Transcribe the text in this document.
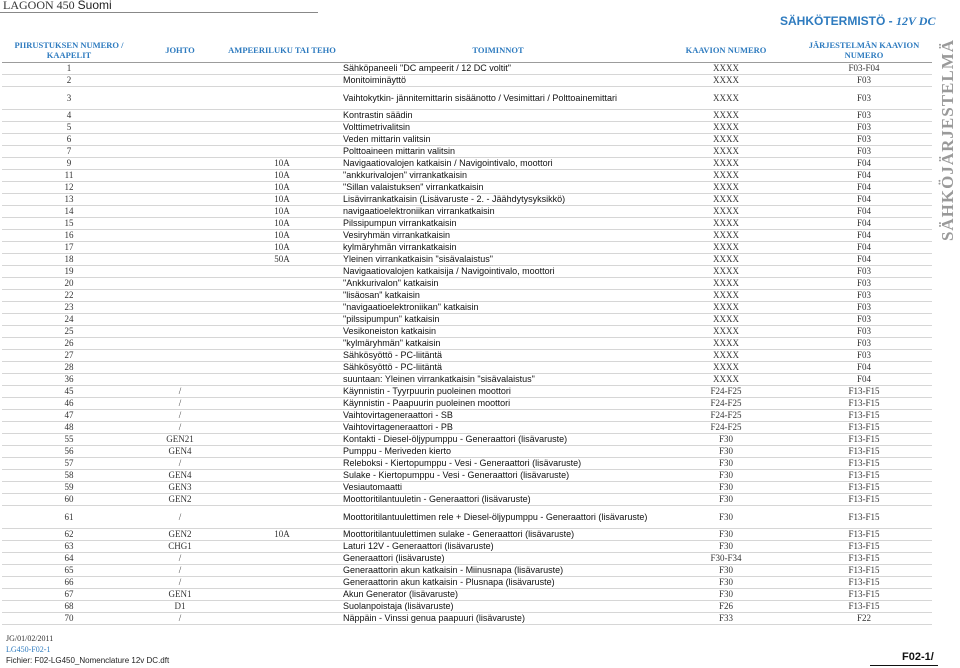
LAGOON 450 Suomi
SÄHKÖTERMISTÖ - 12V DC
SÄHKÖJÄRJESTELMÄ
PIIRUSTUKSEN NUMERO / KAAPELIT	JOHTO	AMPEERILUKU TAI TEHO	TOIMINNOT	KAAVION NUMERO	JÄRJESTELMÄN KAAVION NUMERO
1			Sähköpaneeli "DC ampeerit / 12 DC voltit"	XXXX	F03-F04
2			Monitoiminäyttö	XXXX	F03
3			Vaihtokytkin- jännitemittarin sisäänotto / Vesimittari / Polttoainemittari	XXXX	F03
4			Kontrastin säädin	XXXX	F03
5			Volttimetrivalitsin	XXXX	F03
6			Veden mittarin valitsin	XXXX	F03
7			Polttoaineen mittarin valitsin	XXXX	F03
9		10A	Navigaatiovalojen katkaisin / Navigointivalo, moottori	XXXX	F04
11		10A	"ankkurivalojen" virrankatkaisin	XXXX	F04
12		10A	"Sillan valaistuksen" virrankatkaisin	XXXX	F04
13		10A	Lisävirrankatkaisin (Lisävaruste - 2. - Jäähdytysyksikkö)	XXXX	F04
14		10A	navigaatioelektroniikan virrankatkaisin	XXXX	F04
15		10A	Pilssipumpun virrankatkaisin	XXXX	F04
16		10A	Vesiryhmän virrankatkaisin	XXXX	F04
17		10A	kylmäryhmän virrankatkaisin	XXXX	F04
18		50A	Yleinen virrankatkaisin "sisävalaistus"	XXXX	F04
19			Navigaatiovalojen katkaisija / Navigointivalo, moottori	XXXX	F03
20			"Ankkurivalon" katkaisin	XXXX	F03
22			"lisäosan" katkaisin	XXXX	F03
23			"navigaatioelektroniikan" katkaisin	XXXX	F03
24			"pilssipumpun" katkaisin	XXXX	F03
25			Vesikoneiston katkaisin	XXXX	F03
26			"kylmäryhmän" katkaisin	XXXX	F03
27			Sähkösyöttö - PC-liitäntä	XXXX	F03
28			Sähkösyöttö - PC-liitäntä	XXXX	F04
36			suuntaan: Yleinen virrankatkaisin "sisävalaistus"	XXXX	F04
45	/		Käynnistin - Tyyrpuurin puoleinen moottori	F24-F25	F13-F15
46	/		Käynnistin - Paapuurin puoleinen moottori	F24-F25	F13-F15
47	/		Vaihtovirtageneraattori - SB	F24-F25	F13-F15
48	/		Vaihtovirtageneraattori - PB	F24-F25	F13-F15
55	GEN21		Kontakti - Diesel-öljypumppu - Generaattori (lisävaruste)	F30	F13-F15
56	GEN4		Pumppu - Meriveden kierto	F30	F13-F15
57	/		Releboksi - Kiertopumppu - Vesi - Generaattori (lisävaruste)	F30	F13-F15
58	GEN4		Sulake - Kiertopumppu - Vesi - Generaattori (lisävaruste)	F30	F13-F15
59	GEN3		Vesiautomaatti	F30	F13-F15
60	GEN2		Moottoritilantuuletin - Generaattori (lisävaruste)	F30	F13-F15
61	/		Moottoritilantuulettimen rele + Diesel-öljypumppu - Generaattori (lisävaruste)	F30	F13-F15
62	GEN2	10A	Moottoritilantuulettimen sulake - Generaattori (lisävaruste)	F30	F13-F15
63	CHG1		Laturi 12V - Generaattori (lisävaruste)	F30	F13-F15
64	/		Generaattori (lisävaruste)	F30-F34	F13-F15
65	/		Generaattorin akun katkaisin - Miinusnapa (lisävaruste)	F30	F13-F15
66	/		Generaattorin akun katkaisin - Plusnapa (lisävaruste)	F30	F13-F15
67	GEN1		Akun Generator (lisävaruste)	F30	F13-F15
68	D1		Suolanpoistaja (lisävaruste)	F26	F13-F15
70	/		Näppäin - Vinssi genua paapuuri (lisävaruste)	F33	F22
JG/01/02/2011
LG450-F02-1
Fichier: F02-LG450_Nomenclature 12v DC.dft	F02-1/
